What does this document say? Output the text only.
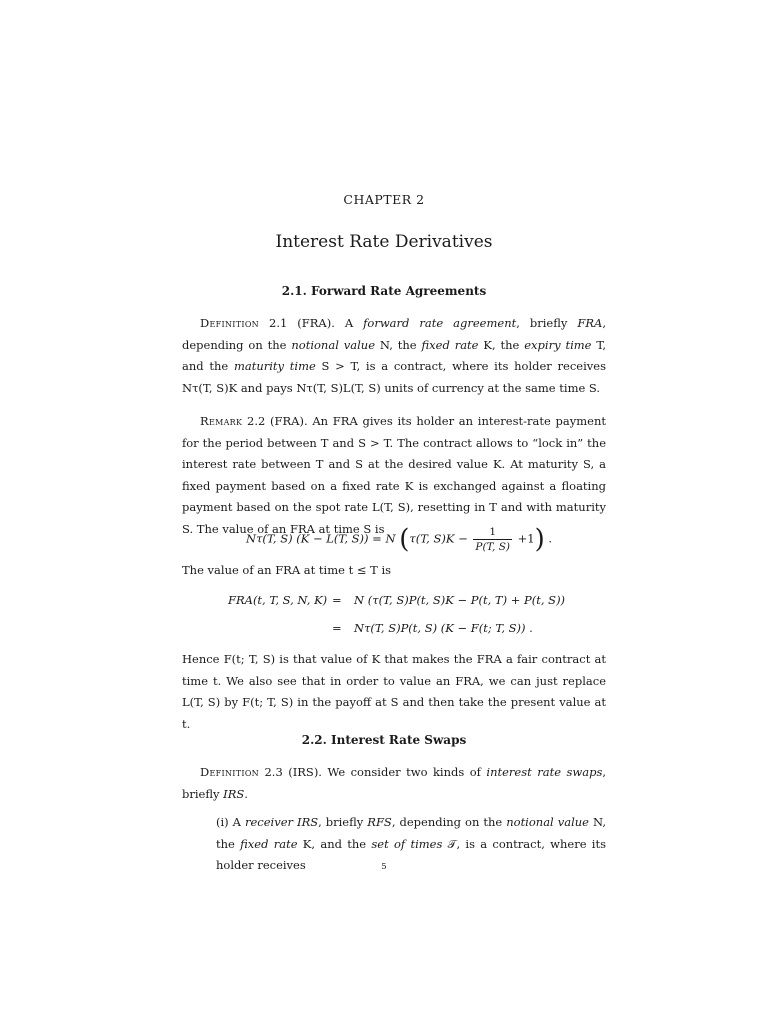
CHAPTER 2
Interest Rate Derivatives
2.1. Forward Rate Agreements
Definition 2.1 (FRA). A forward rate agreement, briefly FRA, depending on the notional value N, the fixed rate K, the expiry time T, and the maturity time S > T, is a contract, where its holder receives Nτ(T, S)K and pays Nτ(T, S)L(T, S) units of currency at the same time S.
Remark 2.2 (FRA). An FRA gives its holder an interest-rate payment for the period between T and S > T. The contract allows to “lock in” the interest rate between T and S at the desired value K. At maturity S, a fixed payment based on a fixed rate K is exchanged against a floating payment based on the spot rate L(T, S), resetting in T and with maturity S. The value of an FRA at time S is
Nτ(T, S) (K − L(T, S)) = N (τ(T, $S)K - \frac{1}{P(T, S)} +1$) .
The value of an FRA at time t ≤ T is
FRA(t, T, S, N, K) = N (τ(T, S)P(t, S)K − P(t, T) + P(t, S))
= Nτ(T, S)P(t, S) (K − F(t; T, S)) .
Hence F(t; T, S) is that value of K that makes the FRA a fair contract at time t. We also see that in order to value an FRA, we can just replace L(T, S) by F(t; T, S) in the payoff at S and then take the present value at t.
2.2. Interest Rate Swaps
Definition 2.3 (IRS). We consider two kinds of interest rate swaps, briefly IRS.
(i) A receiver IRS, briefly RFS, depending on the notional value N, the fixed rate K, and the set of times 𝒯, is a contract, where its holder receives	5
